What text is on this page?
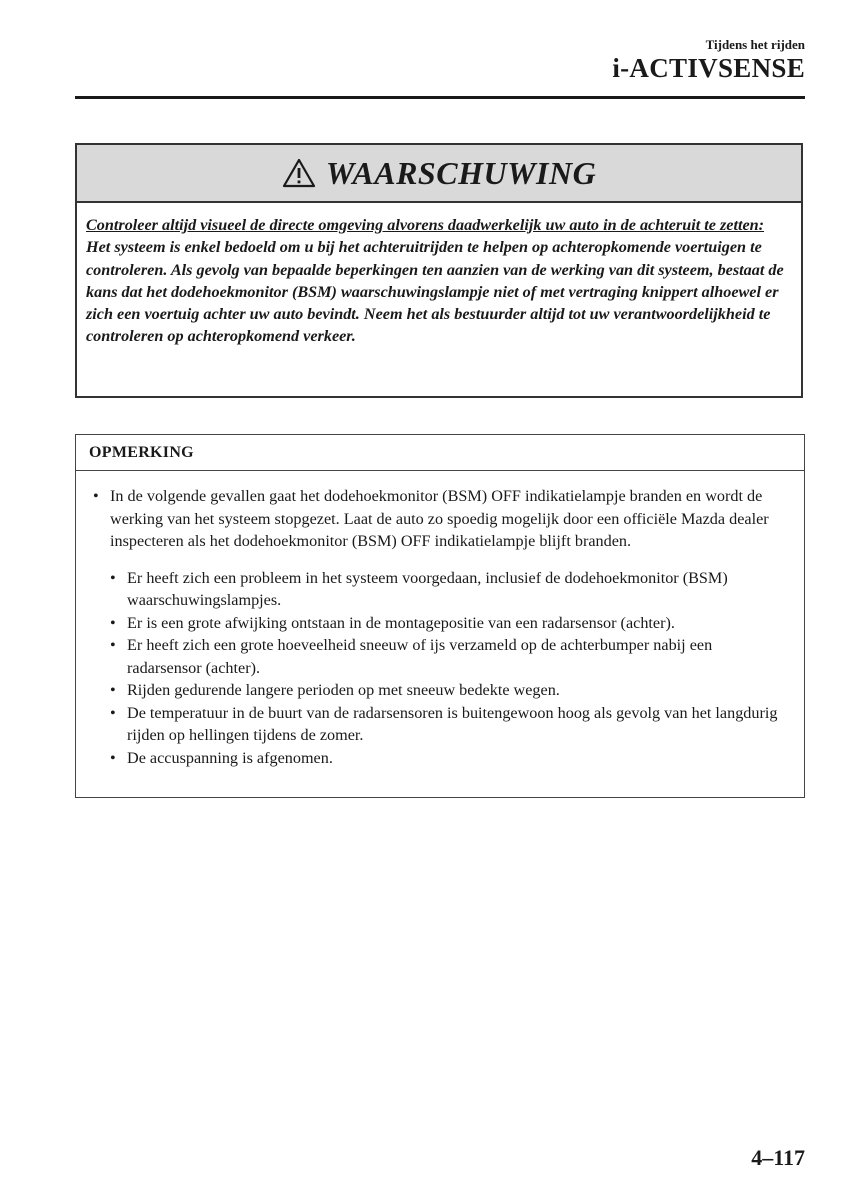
Tijdens het rijden
i-ACTIVSENSE
WAARSCHUWING
Controleer altijd visueel de directe omgeving alvorens daadwerkelijk uw auto in de achteruit te zetten:
Het systeem is enkel bedoeld om u bij het achteruitrijden te helpen op achteropkomende voertuigen te controleren. Als gevolg van bepaalde beperkingen ten aanzien van de werking van dit systeem, bestaat de kans dat het dodehoekmonitor (BSM) waarschuwingslampje niet of met vertraging knippert alhoewel er zich een voertuig achter uw auto bevindt. Neem het als bestuurder altijd tot uw verantwoordelijkheid te controleren op achteropkomend verkeer.
OPMERKING
• In de volgende gevallen gaat het dodehoekmonitor (BSM) OFF indikatielampje branden en wordt de werking van het systeem stopgezet. Laat de auto zo spoedig mogelijk door een officiële Mazda dealer inspecteren als het dodehoekmonitor (BSM) OFF indikatielampje blijft branden.
• Er heeft zich een probleem in het systeem voorgedaan, inclusief de dodehoekmonitor (BSM) waarschuwingslampjes.
• Er is een grote afwijking ontstaan in de montagepositie van een radarsensor (achter).
• Er heeft zich een grote hoeveelheid sneeuw of ijs verzameld op de achterbumper nabij een radarsensor (achter).
• Rijden gedurende langere perioden op met sneeuw bedekte wegen.
• De temperatuur in de buurt van de radarsensoren is buitengewoon hoog als gevolg van het langdurig rijden op hellingen tijdens de zomer.
• De accuspanning is afgenomen.
4–117
